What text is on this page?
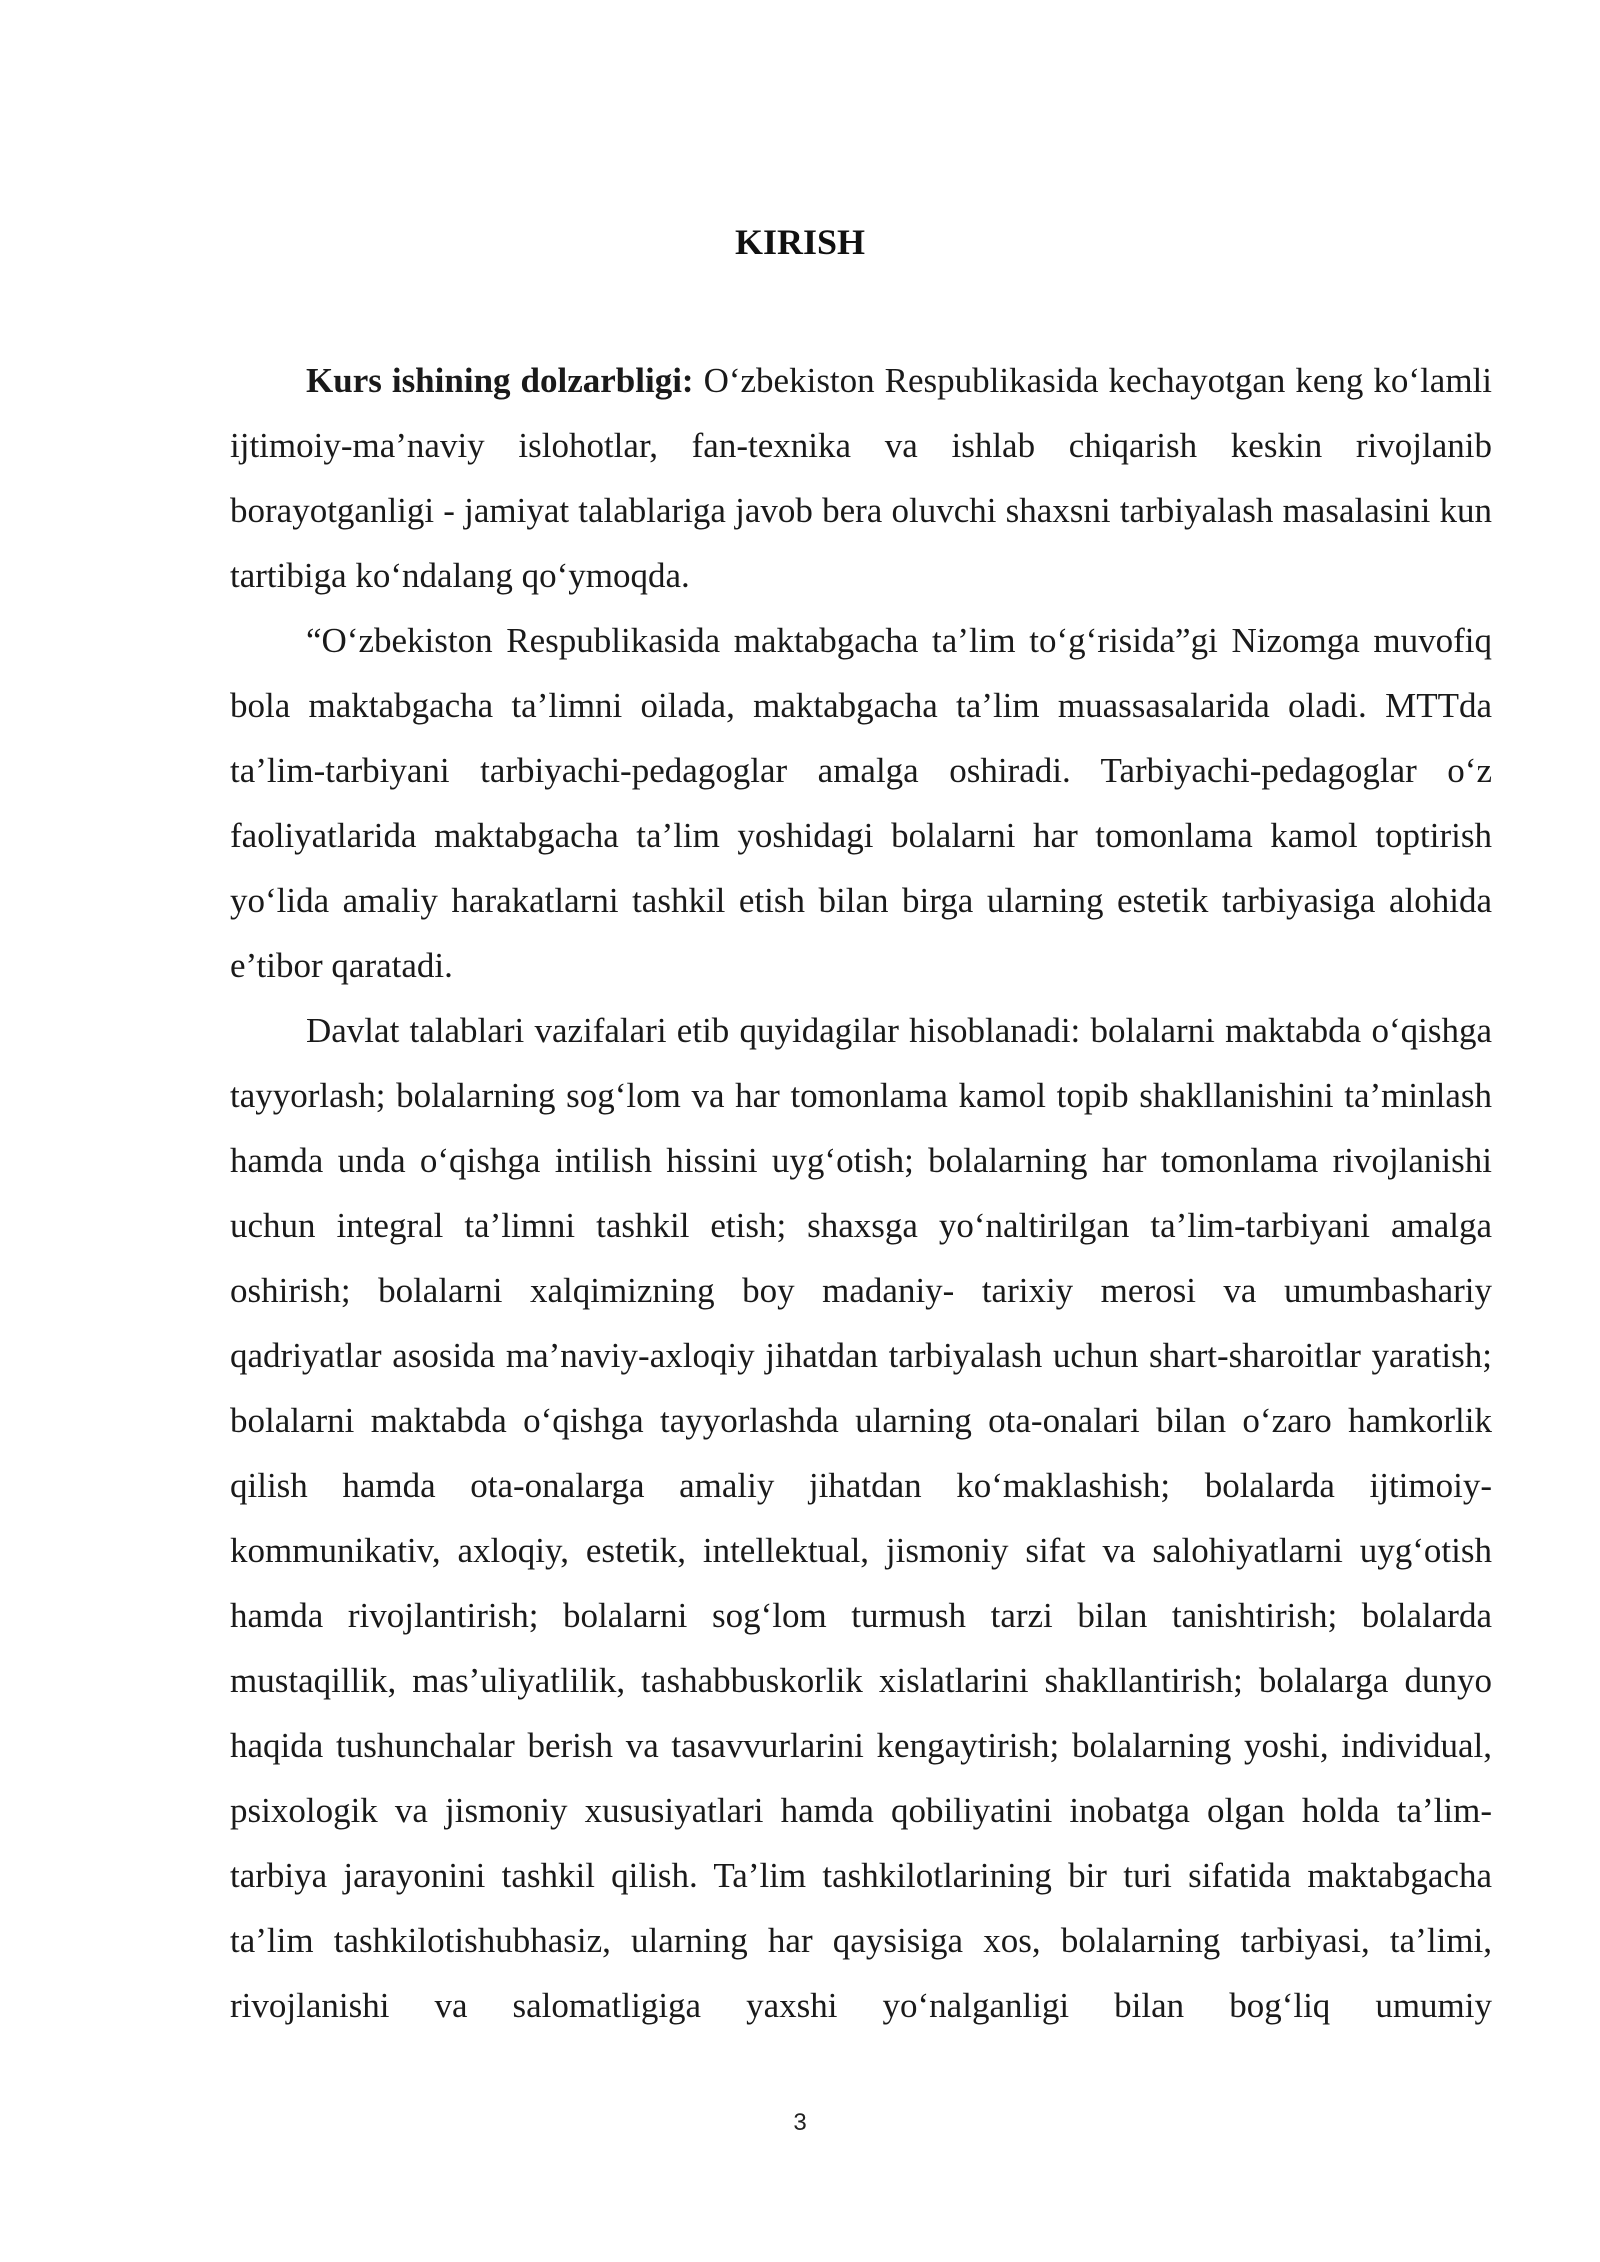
KIRISH

Kurs ishining dolzarbligi: O‘zbekiston Respublikasida kechayotgan keng ko‘lamli ijtimoiy-ma’naviy islohotlar, fan-texnika va ishlab chiqarish keskin rivojlanib borayotganligi - jamiyat talablariga javob bera oluvchi shaxsni tarbiyalash masalasini kun tartibiga ko‘ndalang qo‘ymoqda.

“O‘zbekiston Respublikasida maktabgacha ta’lim to‘g‘risida”gi Nizomga muvofiq bola maktabgacha ta’limni oilada, maktabgacha ta’lim muassasalarida oladi. MTTda ta’lim-tarbiyani tarbiyachi-pedagoglar amalga oshiradi. Tarbiyachi-pedagoglar o‘z faoliyatlarida maktabgacha ta’lim yoshidagi bolalarni har tomonlama kamol toptirish yo‘lida amaliy harakatlarni tashkil etish bilan birga ularning estetik tarbiyasiga alohida e’tibor qaratadi.

Davlat talablari vazifalari etib quyidagilar hisoblanadi: bolalarni maktabda o‘qishga tayyorlash; bolalarning sog‘lom va har tomonlama kamol topib shakllanishini ta’minlash hamda unda o‘qishga intilish hissini uyg‘otish; bolalarning har tomonlama rivojlanishi uchun integral ta’limni tashkil etish; shaxsga yo‘naltirilgan ta’lim-tarbiyani amalga oshirish; bolalarni xalqimizning boy madaniy- tarixiy merosi va umumbashariy qadriyatlar asosida ma’naviy-axloqiy jihatdan tarbiyalash uchun shart-sharoitlar yaratish; bolalarni maktabda o‘qishga tayyorlashda ularning ota-onalari bilan o‘zaro hamkorlik qilish hamda ota-onalarga amaliy jihatdan ko‘maklashish; bolalarda ijtimoiy-kommunikativ, axloqiy, estetik, intellektual, jismoniy sifat va salohiyatlarni uyg‘otish hamda rivojlantirish; bolalarni sog‘lom turmush tarzi bilan tanishtirish; bolalarda mustaqillik, mas’uliyatlilik, tashabbuskorlik xislatlarini shakllantirish; bolalarga dunyo haqida tushunchalar berish va tasavvurlarini kengaytirish; bolalarning yoshi, individual, psixologik va jismoniy xususiyatlari hamda qobiliyatini inobatga olgan holda ta’lim-tarbiya jarayonini tashkil qilish. Ta’lim tashkilotlarining bir turi sifatida maktabgacha ta’lim tashkilotishubhasiz, ularning har qaysisiga xos, bolalarning tarbiyasi, ta’limi, rivojlanishi va salomatligiga yaxshi yo‘nalganligi bilan bog‘liq umumiy

3
